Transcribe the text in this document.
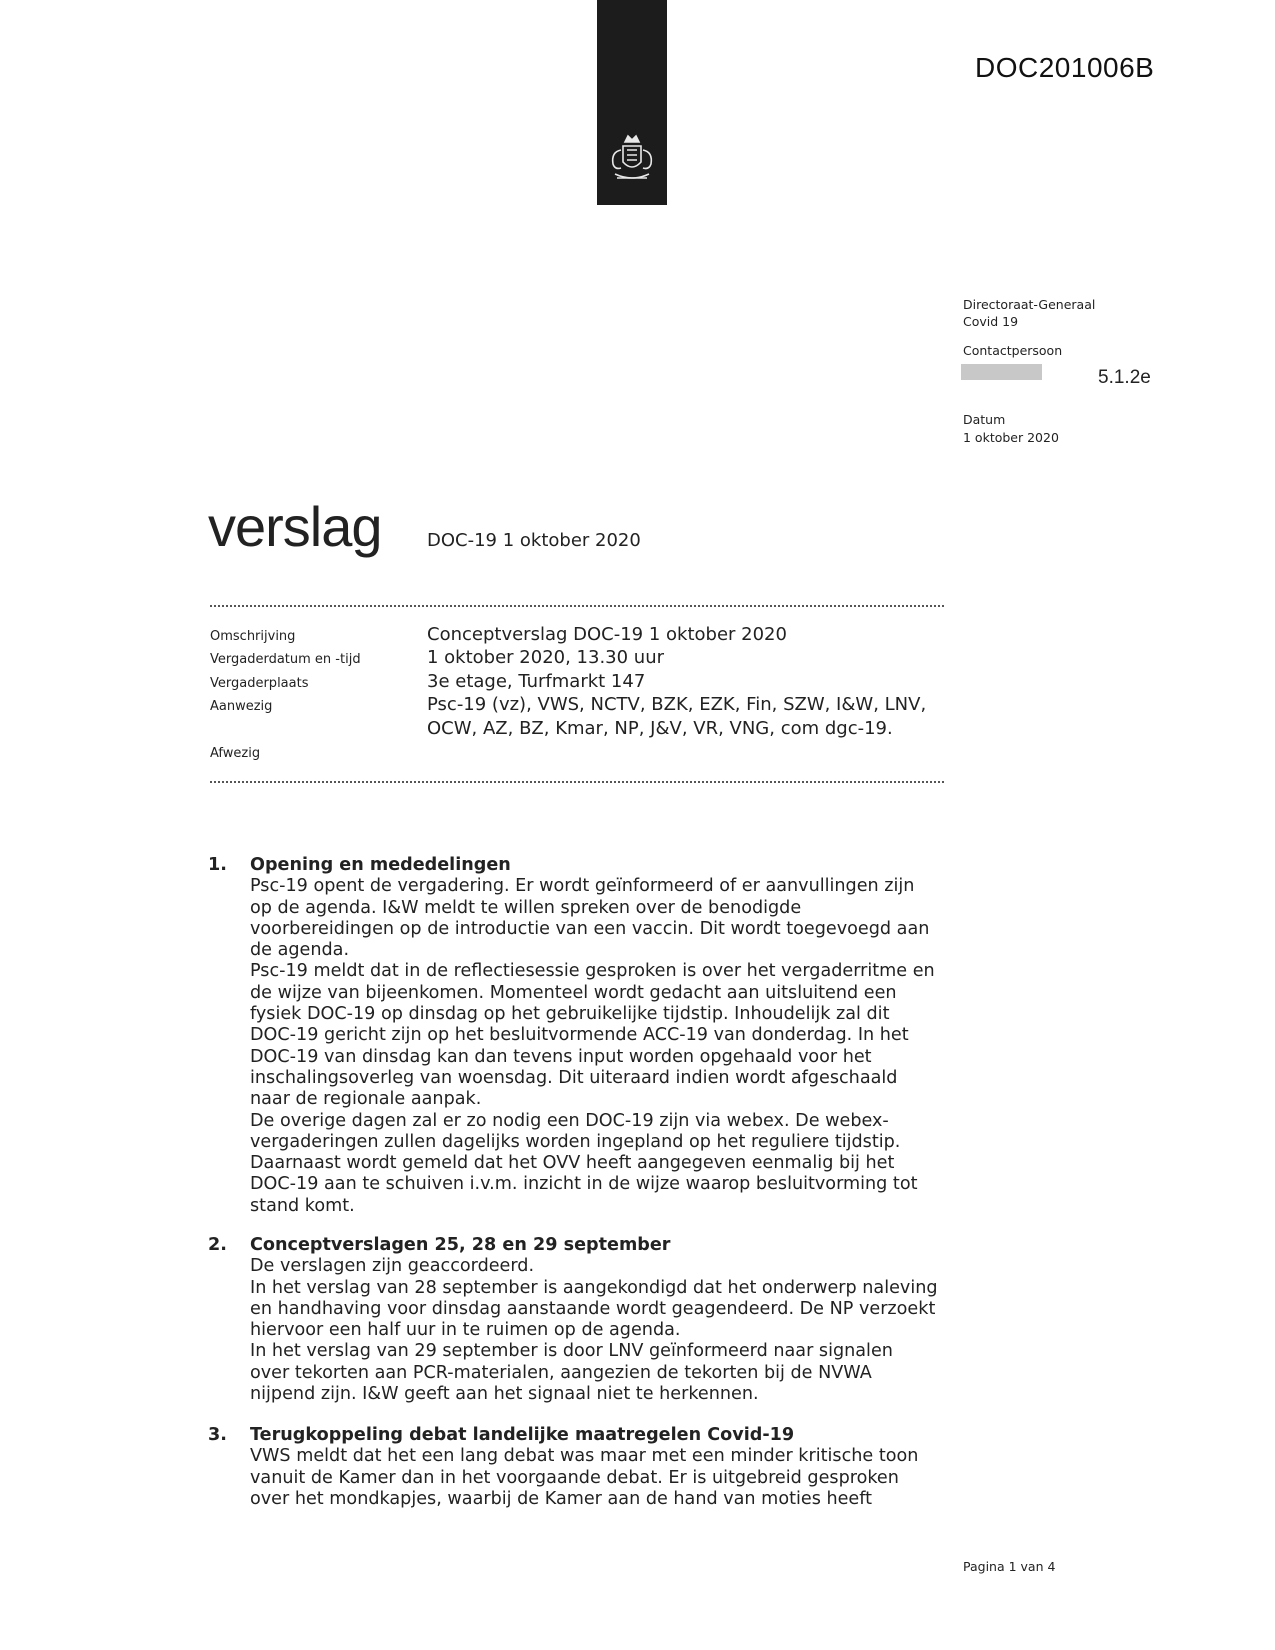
DOC201006B
Directoraat-Generaal
Covid 19
Contactpersoon
5.1.2e
Datum
1 oktober 2020
verslag	DOC-19 1 oktober 2020
Omschrijving	Conceptverslag DOC-19 1 oktober 2020
Vergaderdatum en -tijd	1 oktober 2020, 13.30 uur
Vergaderplaats	3e etage, Turfmarkt 147
Aanwezig	Psc-19 (vz), VWS, NCTV, BZK, EZK, Fin, SZW, I&W, LNV, OCW, AZ, BZ, Kmar, NP, J&V, VR, VNG, com dgc-19.
Afwezig
1. Opening en mededelingen

Psc-19 opent de vergadering. Er wordt geïnformeerd of er aanvullingen zijn
op de agenda. I&W meldt te willen spreken over de benodigde
voorbereidingen op de introductie van een vaccin. Dit wordt toegevoegd aan
de agenda.
Psc-19 meldt dat in de reflectiesessie gesproken is over het vergaderritme en
de wijze van bijeenkomen. Momenteel wordt gedacht aan uitsluitend een
fysiek DOC-19 op dinsdag op het gebruikelijke tijdstip. Inhoudelijk zal dit
DOC-19 gericht zijn op het besluitvormende ACC-19 van donderdag. In het
DOC-19 van dinsdag kan dan tevens input worden opgehaald voor het
inschalingsoverleg van woensdag. Dit uiteraard indien wordt afgeschaald
naar de regionale aanpak.
De overige dagen zal er zo nodig een DOC-19 zijn via webex. De webex-
vergaderingen zullen dagelijks worden ingepland op het reguliere tijdstip.
Daarnaast wordt gemeld dat het OVV heeft aangegeven eenmalig bij het
DOC-19 aan te schuiven i.v.m. inzicht in de wijze waarop besluitvorming tot
stand komt.

2. Conceptverslagen 25, 28 en 29 september

De verslagen zijn geaccordeerd.
In het verslag van 28 september is aangekondigd dat het onderwerp naleving
en handhaving voor dinsdag aanstaande wordt geagendeerd. De NP verzoekt
hiervoor een half uur in te ruimen op de agenda.
In het verslag van 29 september is door LNV geïnformeerd naar signalen
over tekorten aan PCR-materialen, aangezien de tekorten bij de NVWA
nijpend zijn. I&W geeft aan het signaal niet te herkennen.

3. Terugkoppeling debat landelijke maatregelen Covid-19

VWS meldt dat het een lang debat was maar met een minder kritische toon
vanuit de Kamer dan in het voorgaande debat. Er is uitgebreid gesproken
over het mondkapjes, waarbij de Kamer aan de hand van moties heeft

Pagina 1 van 4
